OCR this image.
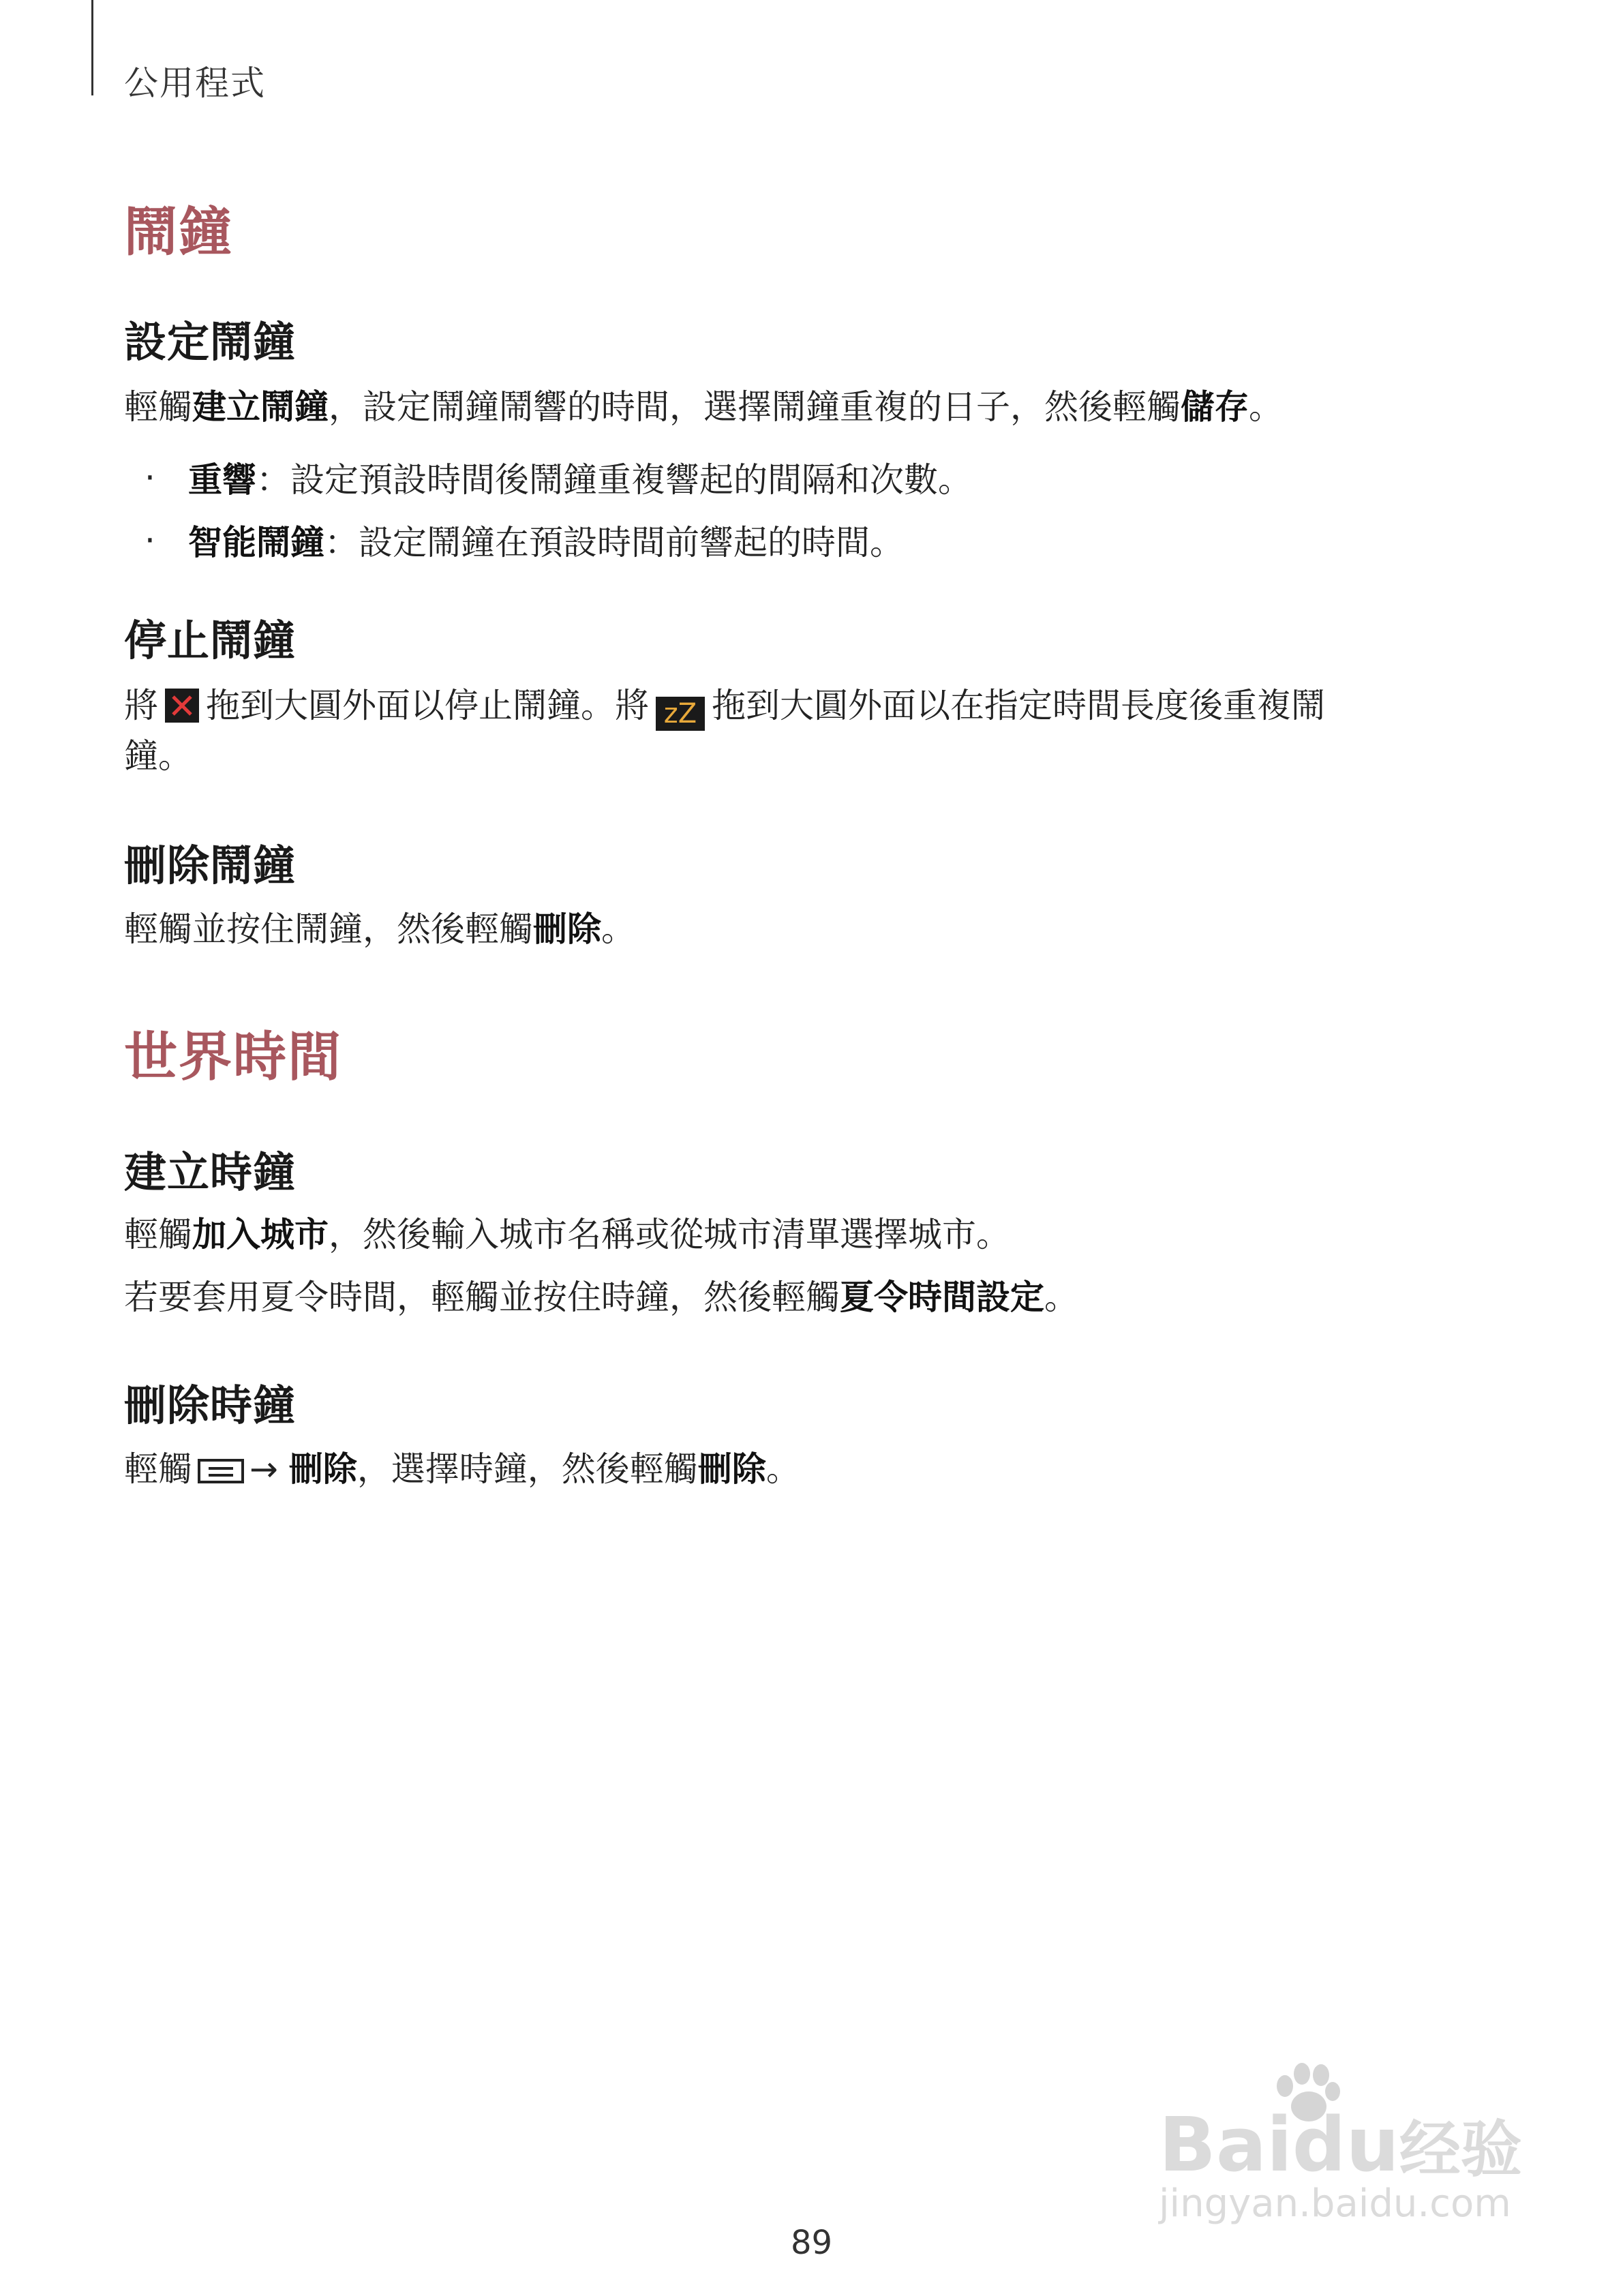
公用程式
鬧鐘
設定鬧鐘
輕觸建立鬧鐘，設定鬧鐘鬧響的時間，選擇鬧鐘重複的日子，然後輕觸儲存。
· 重響：設定預設時間後鬧鐘重複響起的間隔和次數。
· 智能鬧鐘：設定鬧鐘在預設時間前響起的時間。
停止鬧鐘
將 拖到大圓外面以停止鬧鐘。將 zZ 拖到大圓外面以在指定時間長度後重複鬧
鐘。
刪除鬧鐘
輕觸並按住鬧鐘，然後輕觸刪除。
世界時間
建立時鐘
輕觸加入城市，然後輸入城市名稱或從城市清單選擇城市。
若要套用夏令時間，輕觸並按住時鐘，然後輕觸夏令時間設定。
刪除時鐘
輕觸 → 刪除，選擇時鐘，然後輕觸刪除。
Baidu经验
jingyan.baidu.com
89
